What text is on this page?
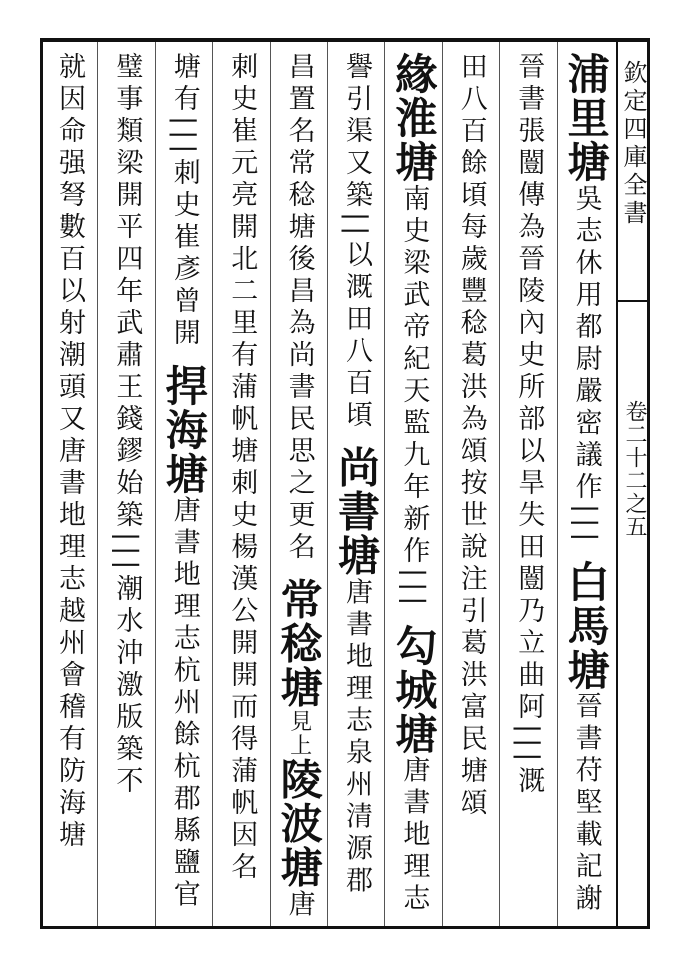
欽定四庫全書
卷二十二之五
浦里塘吳志休用都尉嚴密議作||| 白馬塘晉書苻堅載記謝
晉書張闓傳為晉陵內史所部以旱失田闓乃立曲阿|||溉
田八百餘頃每歲豐稔葛洪為頌按世說注引葛洪富民塘頌
緣淮塘南史梁武帝紀天監九年新作||| 勾城塘唐書地理志
譽引渠又築||以溉田八百頃 尚書塘唐書地理志泉州清源郡
昌置名常稔塘後昌為尚書民思之更名 常稔塘見上陵波塘唐
刺史崔元亮開北二里有蒲帆塘刺史楊漢公開開而得蒲帆因名
塘有|||刺史崔彥曾開 捍海塘唐書地理志杭州餘杭郡縣鹽官
璧事類梁開平四年武肅王錢鏐始築|||潮水沖激版築不
就因命强弩數百以射潮頭又唐書地理志越州會稽有防海塘
